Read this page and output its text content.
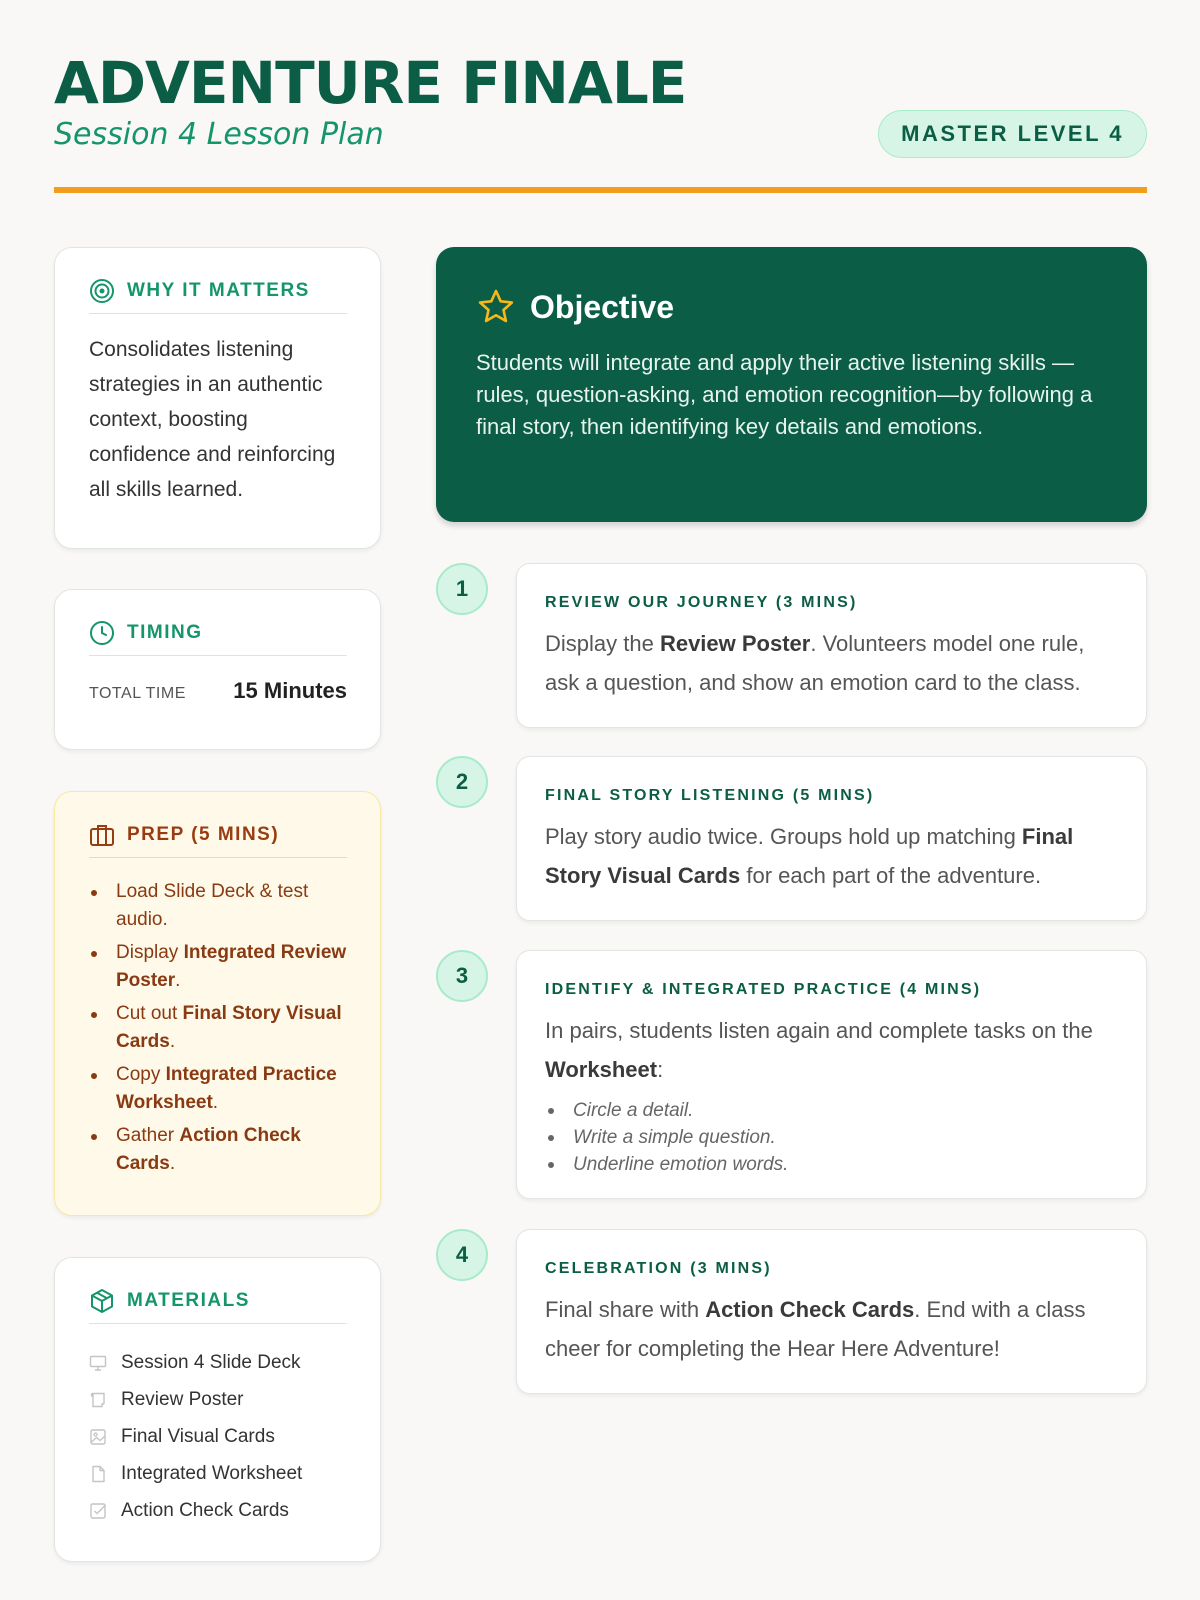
ADVENTURE FINALE
Session 4 Lesson Plan	MASTER LEVEL 4
WHY IT MATTERS

Consolidates listening strategies in an authentic context, boosting confidence and reinforcing all skills learned.

TIMING
TOTAL TIME 15 Minutes
PREP (5 MINS)
Load Slide Deck & test audio.
Display Integrated Review Poster.
Cut out Final Story Visual Cards.
Copy Integrated Practice Worksheet.
Gather Action Check Cards.
MATERIALS
Session 4 Slide Deck
Review Poster
Final Visual Cards
Integrated Worksheet
Action Check Cards
Objective

Students will integrate and apply their active listening skills —rules, question-asking, and emotion recognition—by following a final story, then identifying key details and emotions.

1
REVIEW OUR JOURNEY (3 MINS)

Display the Review Poster. Volunteers model one rule, ask a question, and show an emotion card to the class.

2
FINAL STORY LISTENING (5 MINS)

Play story audio twice. Groups hold up matching Final Story Visual Cards for each part of the adventure.

3
IDENTIFY & INTEGRATED PRACTICE (4 MINS)

In pairs, students listen again and complete tasks on the Worksheet:

Circle a detail.
Write a simple question.
Underline emotion words.
4
CELEBRATION (3 MINS)

Final share with Action Check Cards. End with a class cheer for completing the Hear Here Adventure!
